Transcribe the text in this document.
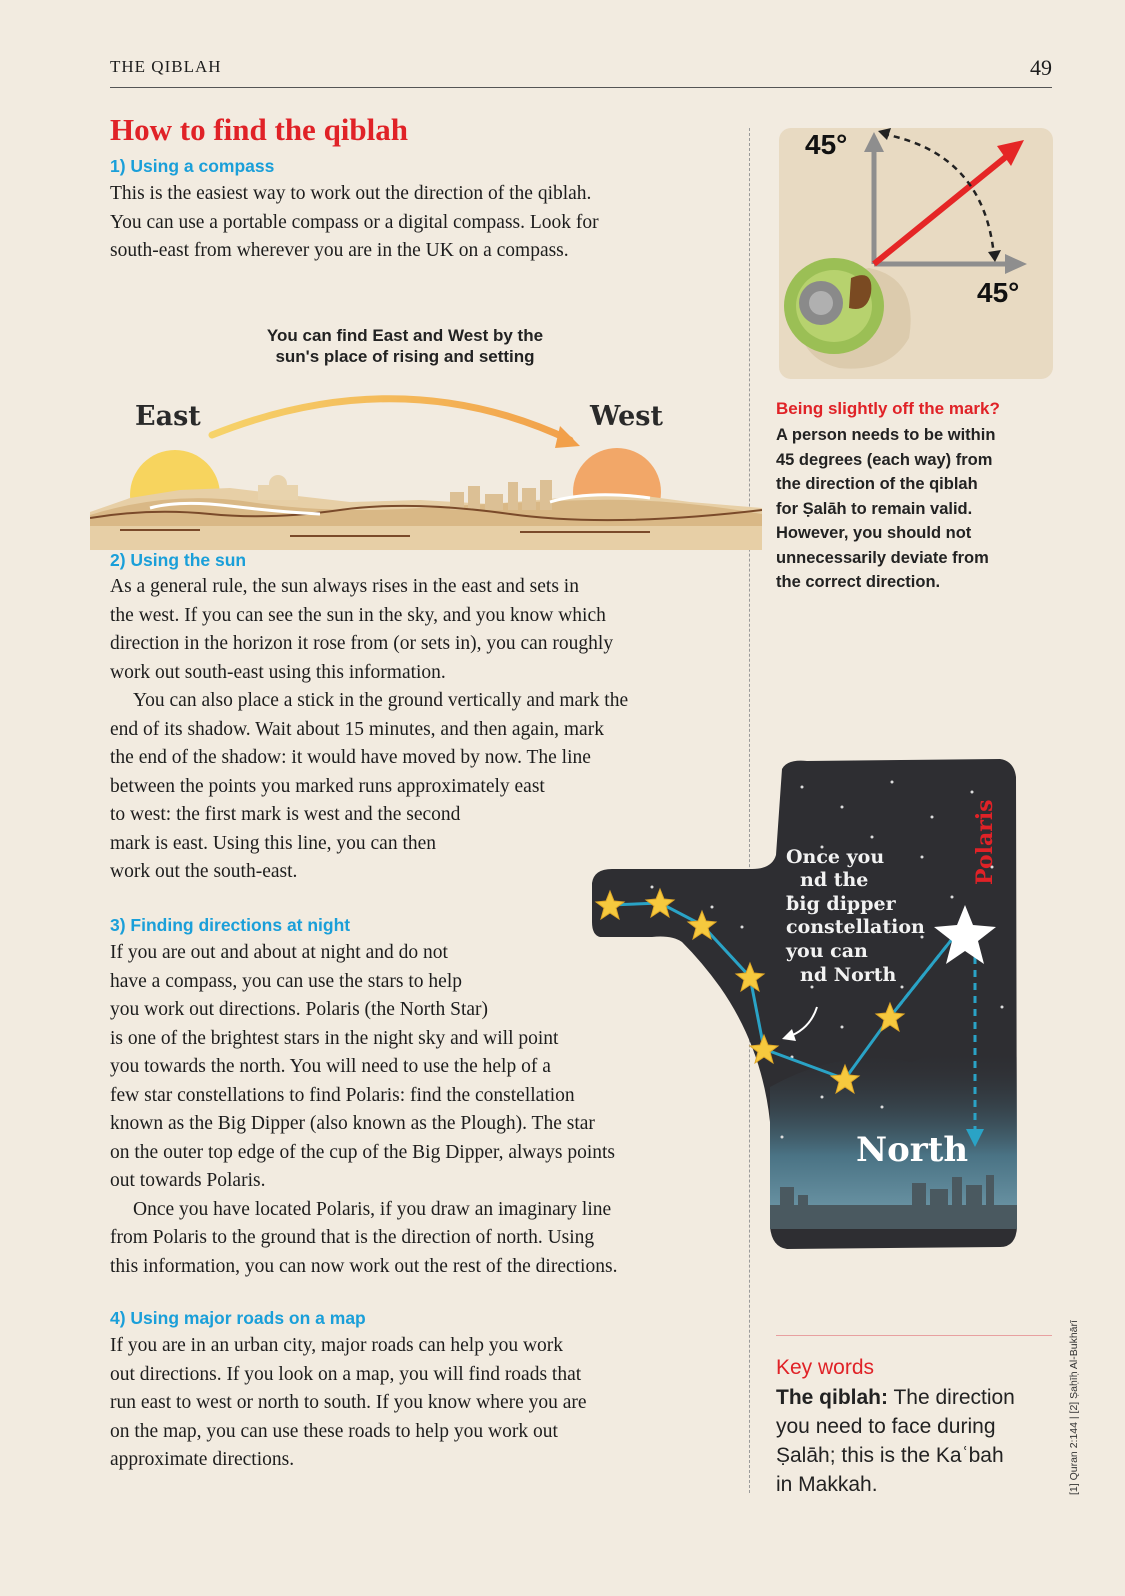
THE QIBLAH	49
How to find the qiblah
1) Using a compass
This is the easiest way to work out the direction of the qiblah.
You can use a portable compass or a digital compass. Look for
south-east from wherever you are in the UK on a compass.
You can find East and West by the
sun's place of rising and setting
East	West
2) Using the sun
As a general rule, the sun always rises in the east and sets in
the west. If you can see the sun in the sky, and you know which
direction in the horizon it rose from (or sets in), you can roughly
work out south-east using this information.
You can also place a stick in the ground vertically and mark the
end of its shadow. Wait about 15 minutes, and then again, mark
the end of the shadow: it would have moved by now. The line
between the points you marked runs approximately east
to west: the first mark is west and the second
mark is east. Using this line, you can then
work out the south-east.
3) Finding directions at night
If you are out and about at night and do not
have a compass, you can use the stars to help
you work out directions. Polaris (the North Star)
is one of the brightest stars in the night sky and will point
you towards the north. You will need to use the help of a
few star constellations to find Polaris: find the constellation
known as the Big Dipper (also known as the Plough). The star
on the outer top edge of the cup of the Big Dipper, always points
out towards Polaris.
Once you have located Polaris, if you draw an imaginary line
from Polaris to the ground that is the direction of north. Using
this information, you can now work out the rest of the directions.
4) Using major roads on a map
If you are in an urban city, major roads can help you work
out directions. If you look on a map, you will find roads that
run east to west or north to south. If you know where you are
on the map, you can use these roads to help you work out
approximate directions.
45°
45°
Being slightly off the mark?
A person needs to be within
45 degrees (each way) from
the direction of the qiblah
for Ṣalāh to remain valid.
However, you should not
unnecessarily deviate from
the correct direction.
Once you
nd the
big dipper
constellation
you can
nd North
Polaris
North
Key words
The qiblah: The direction
you need to face during
Ṣalāh; this is the Kaʿbah
in Makkah.	[1] Quran 2:144 | [2] Ṣaḥīḥ Al-Bukhārī
